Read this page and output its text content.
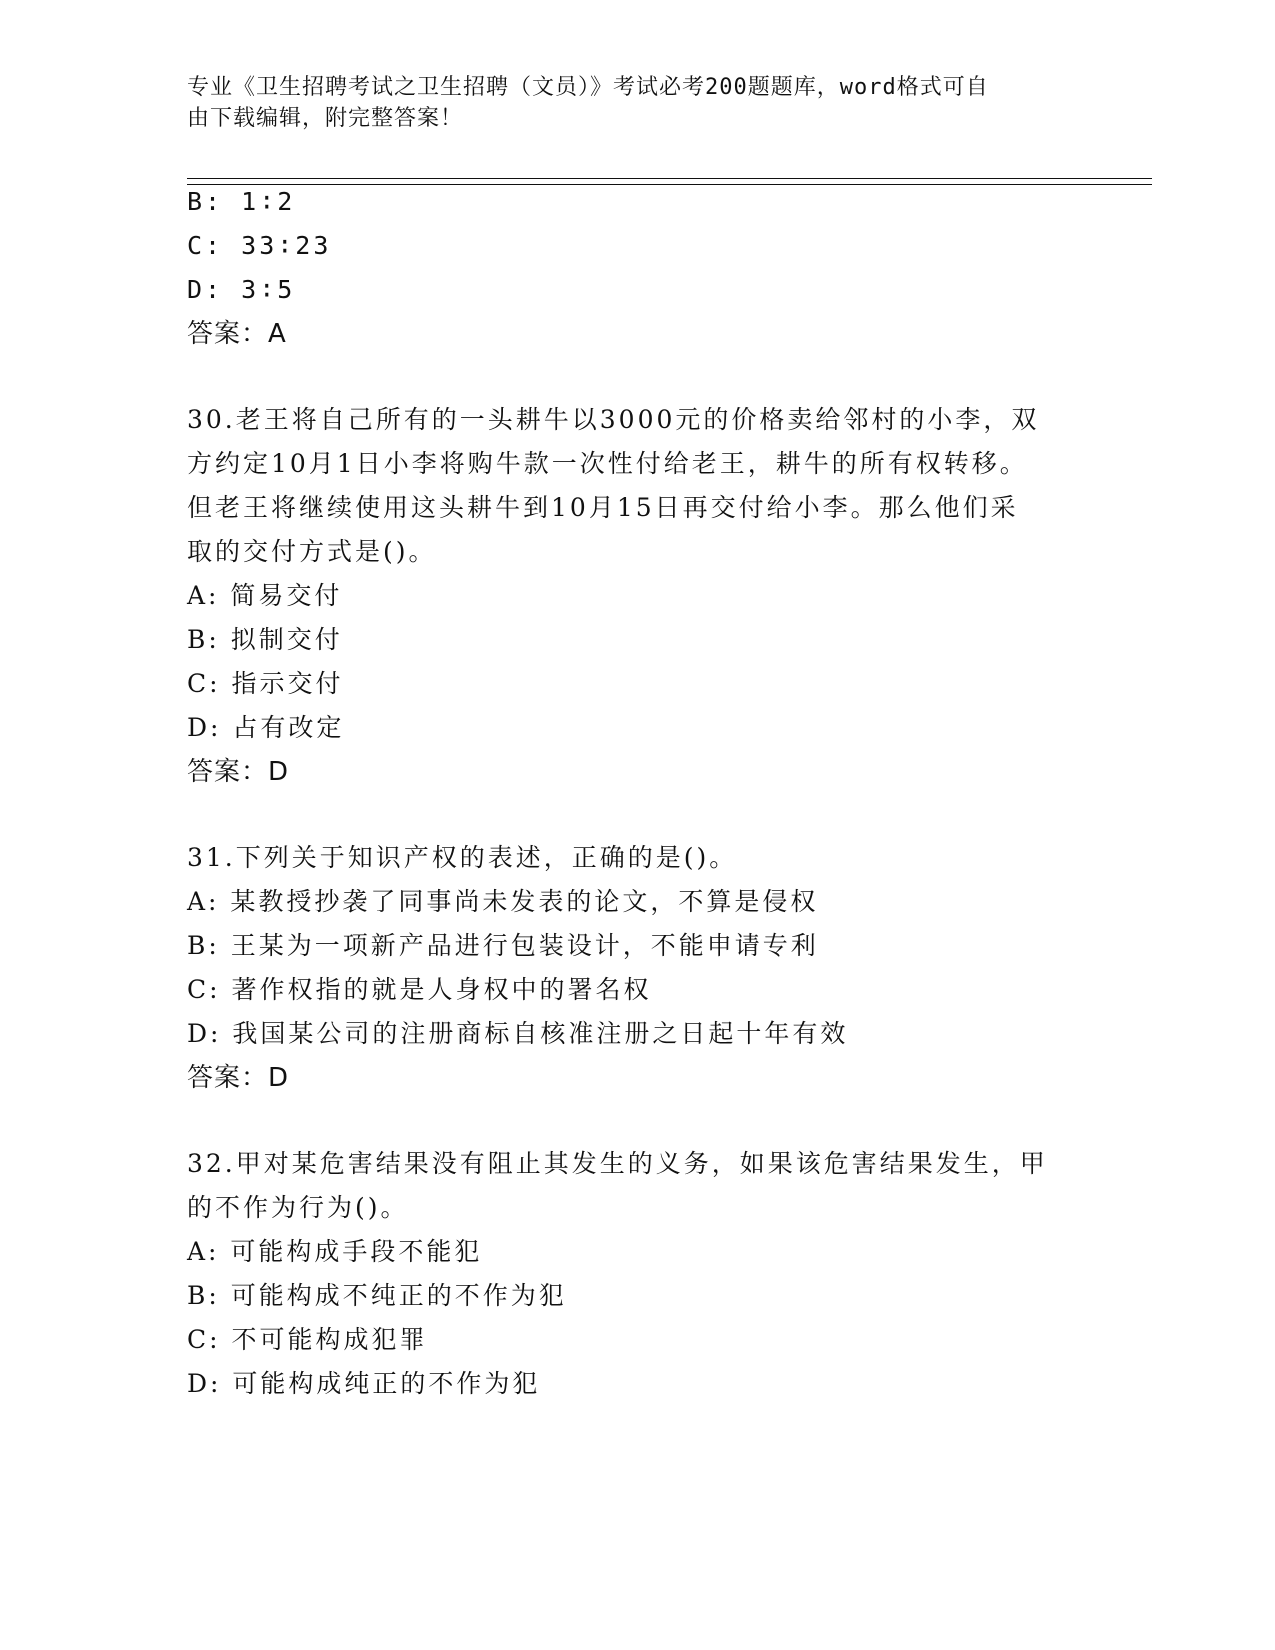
专业《卫生招聘考试之卫生招聘（文员）》考试必考200题题库，word格式可自
由下载编辑，附完整答案！
B: 1∶2
C: 33∶23
D: 3∶5
答案：A
30.老王将自己所有的一头耕牛以3000元的价格卖给邻村的小李，双
方约定10月1日小李将购牛款一次性付给老王，耕牛的所有权转移。
但老王将继续使用这头耕牛到10月15日再交付给小李。那么他们采
取的交付方式是()。
A: 简易交付
B: 拟制交付
C: 指示交付
D: 占有改定
答案：D
31.下列关于知识产权的表述，正确的是()。
A: 某教授抄袭了同事尚未发表的论文，不算是侵权
B: 王某为一项新产品进行包装设计，不能申请专利
C: 著作权指的就是人身权中的署名权
D: 我国某公司的注册商标自核准注册之日起十年有效
答案：D
32.甲对某危害结果没有阻止其发生的义务，如果该危害结果发生，甲
的不作为行为()。
A: 可能构成手段不能犯
B: 可能构成不纯正的不作为犯
C: 不可能构成犯罪
D: 可能构成纯正的不作为犯
